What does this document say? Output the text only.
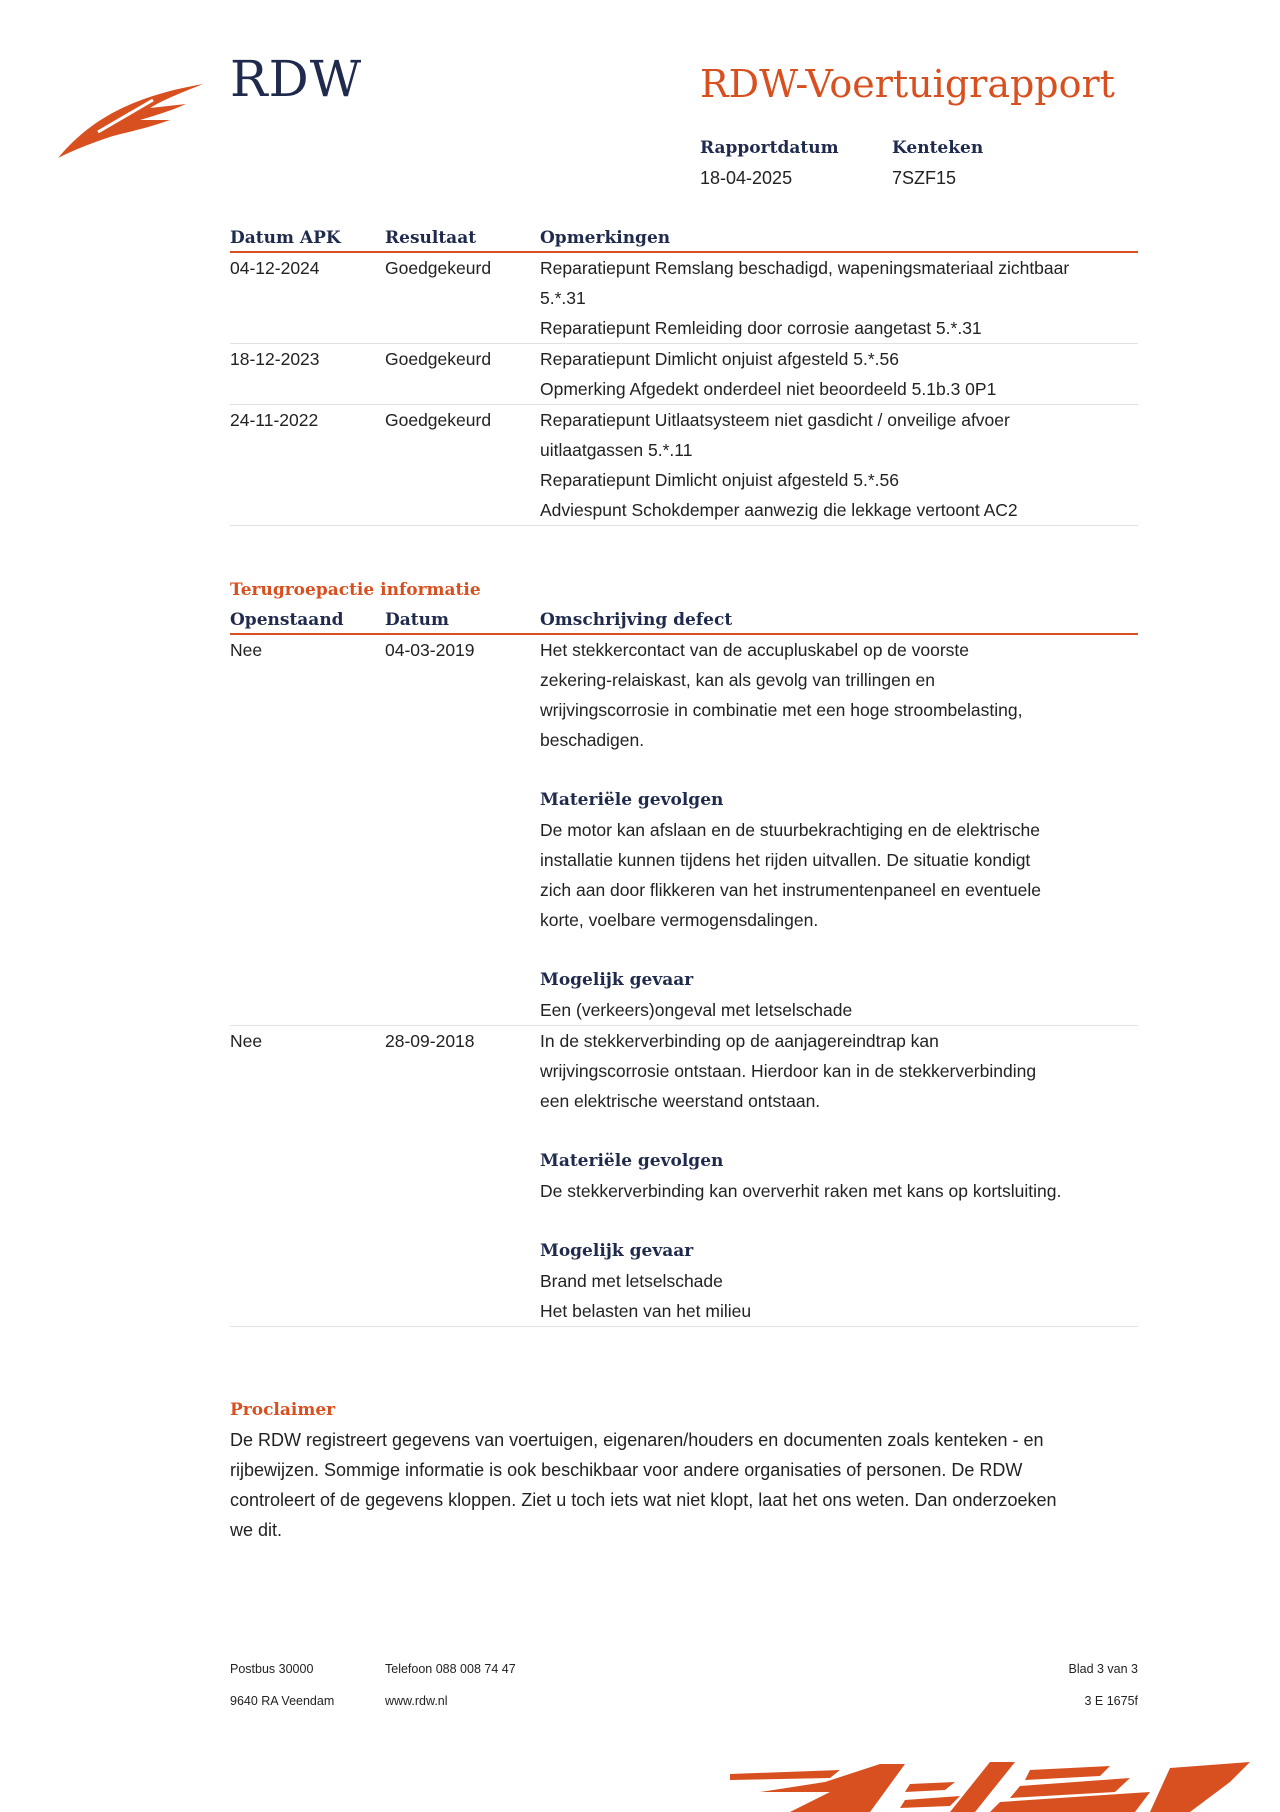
RDW	RDW-Voertuigrapport
Rapportdatum
18-04-2025
Kenteken
7SZF15
Datum APK	Resultaat	Opmerkingen
04-12-2024	Goedgekeurd	Reparatiepunt Remslang beschadigd, wapeningsmateriaal zichtbaar
5.*.31
Reparatiepunt Remleiding door corrosie aangetast 5.*.31
18-12-2023	Goedgekeurd	Reparatiepunt Dimlicht onjuist afgesteld 5.*.56
Opmerking Afgedekt onderdeel niet beoordeeld 5.1b.3 0P1
24-11-2022	Goedgekeurd	Reparatiepunt Uitlaatsysteem niet gasdicht / onveilige afvoer
uitlaatgassen 5.*.11
Reparatiepunt Dimlicht onjuist afgesteld 5.*.56
Adviespunt Schokdemper aanwezig die lekkage vertoont AC2
Terugroepactie informatie
Openstaand	Datum	Omschrijving defect
Nee	04-03-2019	Het stekkercontact van de accupluskabel op de voorste
zekering-relaiskast, kan als gevolg van trillingen en
wrijvingscorrosie in combinatie met een hoge stroombelasting,
beschadigen.
Materiële gevolgen
De motor kan afslaan en de stuurbekrachtiging en de elektrische
installatie kunnen tijdens het rijden uitvallen. De situatie kondigt
zich aan door flikkeren van het instrumentenpaneel en eventuele
korte, voelbare vermogensdalingen.
Mogelijk gevaar
Een (verkeers)ongeval met letselschade
Nee	28-09-2018	In de stekkerverbinding op de aanjagereindtrap kan
wrijvingscorrosie ontstaan. Hierdoor kan in de stekkerverbinding
een elektrische weerstand ontstaan.
Materiële gevolgen
De stekkerverbinding kan oververhit raken met kans op kortsluiting.
Mogelijk gevaar
Brand met letselschade
Het belasten van het milieu
Proclaimer
De RDW registreert gegevens van voertuigen, eigenaren/houders en documenten zoals kenteken - en
rijbewijzen. Sommige informatie is ook beschikbaar voor andere organisaties of personen. De RDW
controleert of de gegevens kloppen. Ziet u toch iets wat niet klopt, laat het ons weten. Dan onderzoeken
we dit.
Postbus 30000
9640 RA Veendam
Telefoon 088 008 74 47
www.rdw.nl
Blad 3 van 3
3 E 1675f
